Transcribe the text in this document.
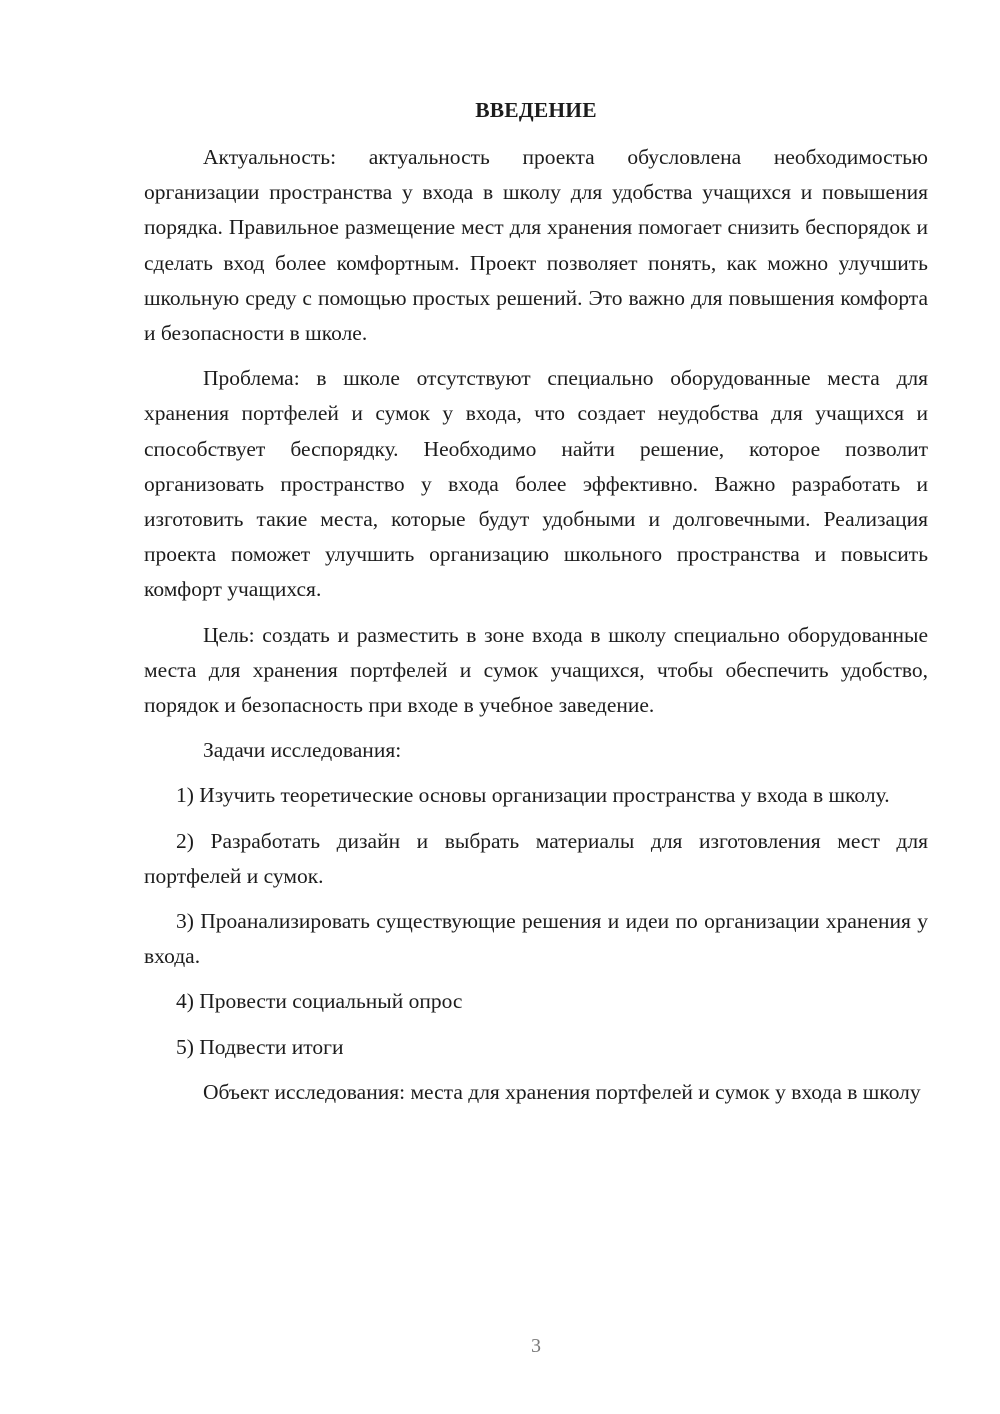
ВВЕДЕНИЕ

Актуальность: актуальность проекта обусловлена необходимостью организации пространства у входа в школу для удобства учащихся и повышения порядка. Правильное размещение мест для хранения помогает снизить беспорядок и сделать вход более комфортным. Проект позволяет понять, как можно улучшить школьную среду с помощью простых решений. Это важно для повышения комфорта и безопасности в школе.

Проблема: в школе отсутствуют специально оборудованные места для хранения портфелей и сумок у входа, что создает неудобства для учащихся и способствует беспорядку. Необходимо найти решение, которое позволит организовать пространство у входа более эффективно. Важно разработать и изготовить такие места, которые будут удобными и долговечными. Реализация проекта поможет улучшить организацию школьного пространства и повысить комфорт учащихся.

Цель: создать и разместить в зоне входа в школу специально оборудованные места для хранения портфелей и сумок учащихся, чтобы обеспечить удобство, порядок и безопасность при входе в учебное заведение.

Задачи исследования:

1) Изучить теоретические основы организации пространства у входа в школу.

2) Разработать дизайн и выбрать материалы для изготовления мест для портфелей и сумок.

3) Проанализировать существующие решения и идеи по организации хранения у входа.

4) Провести социальный опрос

5) Подвести итоги

Объект исследования: места для хранения портфелей и сумок у входа в школу

3
